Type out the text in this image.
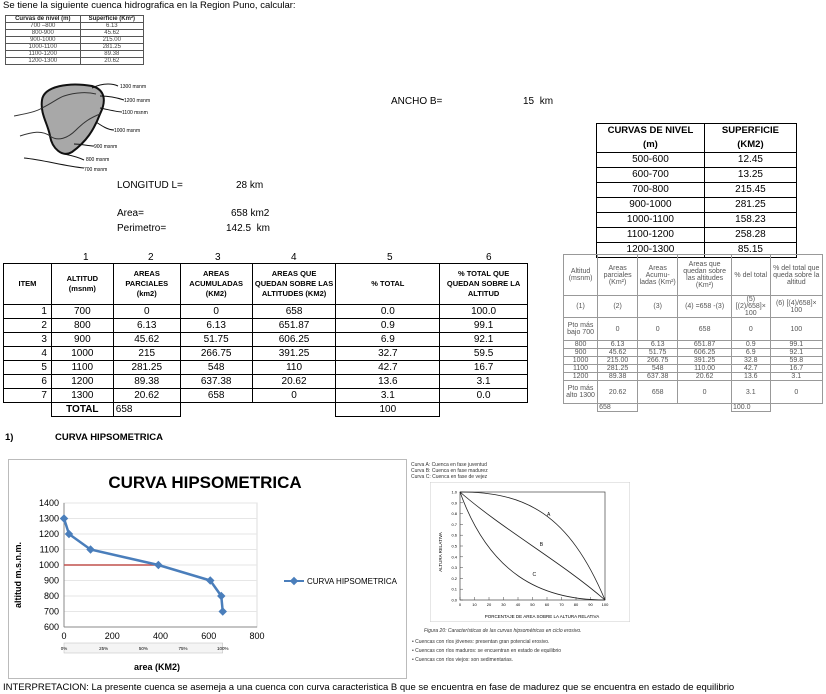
Se tiene la siguiente cuenca hidrografica en la Region Puno, calcular:
Curvas de nivel (m)	Superficie (Km²)
700 –800	6.13
800-900	45.62
900-1000	215.00
1000-1100	281.25
1100-1200	89.38
1200-1300	20.62
1300 msnm
1200 msnm
1100 msnm
1000 msnm
900 msnm
800 msnm
700 msnm
ANCHO B=	15 km
LONGITUD L=	28 km
Area=	658 km2
Perimetro=	142.5 km
CURVAS DE NIVEL (m)	SUPERFICIE (KM2)
500-600	12.45
600-700	13.25
700-800	215.45
900-1000	281.25
1000-1100	158.23
1100-1200	258.28
1200-1300	85.15
1	2	3	4	5	6
ITEM	ALTITUD (msnm)	AREAS PARCIALES (km2)	AREAS ACUMULADAS (KM2)	AREAS QUE QUEDAN SOBRE LAS ALTITUDES (KM2)	% TOTAL	% TOTAL QUE QUEDAN SOBRE LA ALTITUD
1	700	0	0	658	0.0	100.0
2	800	6.13	6.13	651.87	0.9	99.1
3	900	45.62	51.75	606.25	6.9	92.1
4	1000	215	266.75	391.25	32.7	59.5
5	1100	281.25	548	110	42.7	16.7
6	1200	89.38	637.38	20.62	13.6	3.1
7	1300	20.62	658	0	3.1	0.0
	TOTAL	658			100	
Altitud (msnm)	Areas parciales (Km²)	Areas Acumu- ladas (Km²)	Areas que quedan sobre las altitudes (Km²)	% del total	% del total que queda sobre la altitud
(1)	(2)	(3)	(4) =658 -(3)	(5) [(2)/658]× 100	(6) [(4)/658]× 100
Pto más bajo 700	0	0	658	0	100
800	6.13	6.13	651.87	0.9	99.1
900	45.62	51.75	606.25	6.9	92.1
1000	215.00	266.75	391.25	32.8	59.8
1100	281.25	548	110.00	42.7	16.7
1200	89.38	637.38	20.62	13.6	3.1
Pto más alto 1300	20.62	658	0	3.1	0
	658			100.0	
1)	CURVA HIPSOMETRICA
CURVA HIPSOMETRICA
600
700
800
900
1000
1100
1200
1300
1400
0	200	400	600	800
0%	25%	50%	75%	100%
altitud m.s.n.m.
area (KM2)
CURVA HIPSOMETRICA
Curva A: Cuenca en fase juventud
Curva B: Cuenca en fase madurez
Curva C: Cuenca en fase de vejez
1.0
0.9
0.8
0.7
0.6
0.5
0.4
0.3
0.2
0.1
0.0
0	10	20	30	40	50	60	70	80	90 100
A
B
C
ALTURA RELATIVA
PORCENTAJE DE AREA SOBRE LA ALTURA RELATIVA
Figura 20: Características de las curvas hipsométricas en ciclo erosivo.
• Cuencas con ríos jóvenes: presentan gran potencial erosivo.
• Cuencas con ríos maduros: se encuentran en estado de equilibrio
• Cuencas con ríos viejos: son sedimentarias.
INTERPRETACION: La presente cuenca se asemeja a una cuenca con curva caracteristica B que se encuentra en fase de madurez que se encuentra en estado de equilibrio
